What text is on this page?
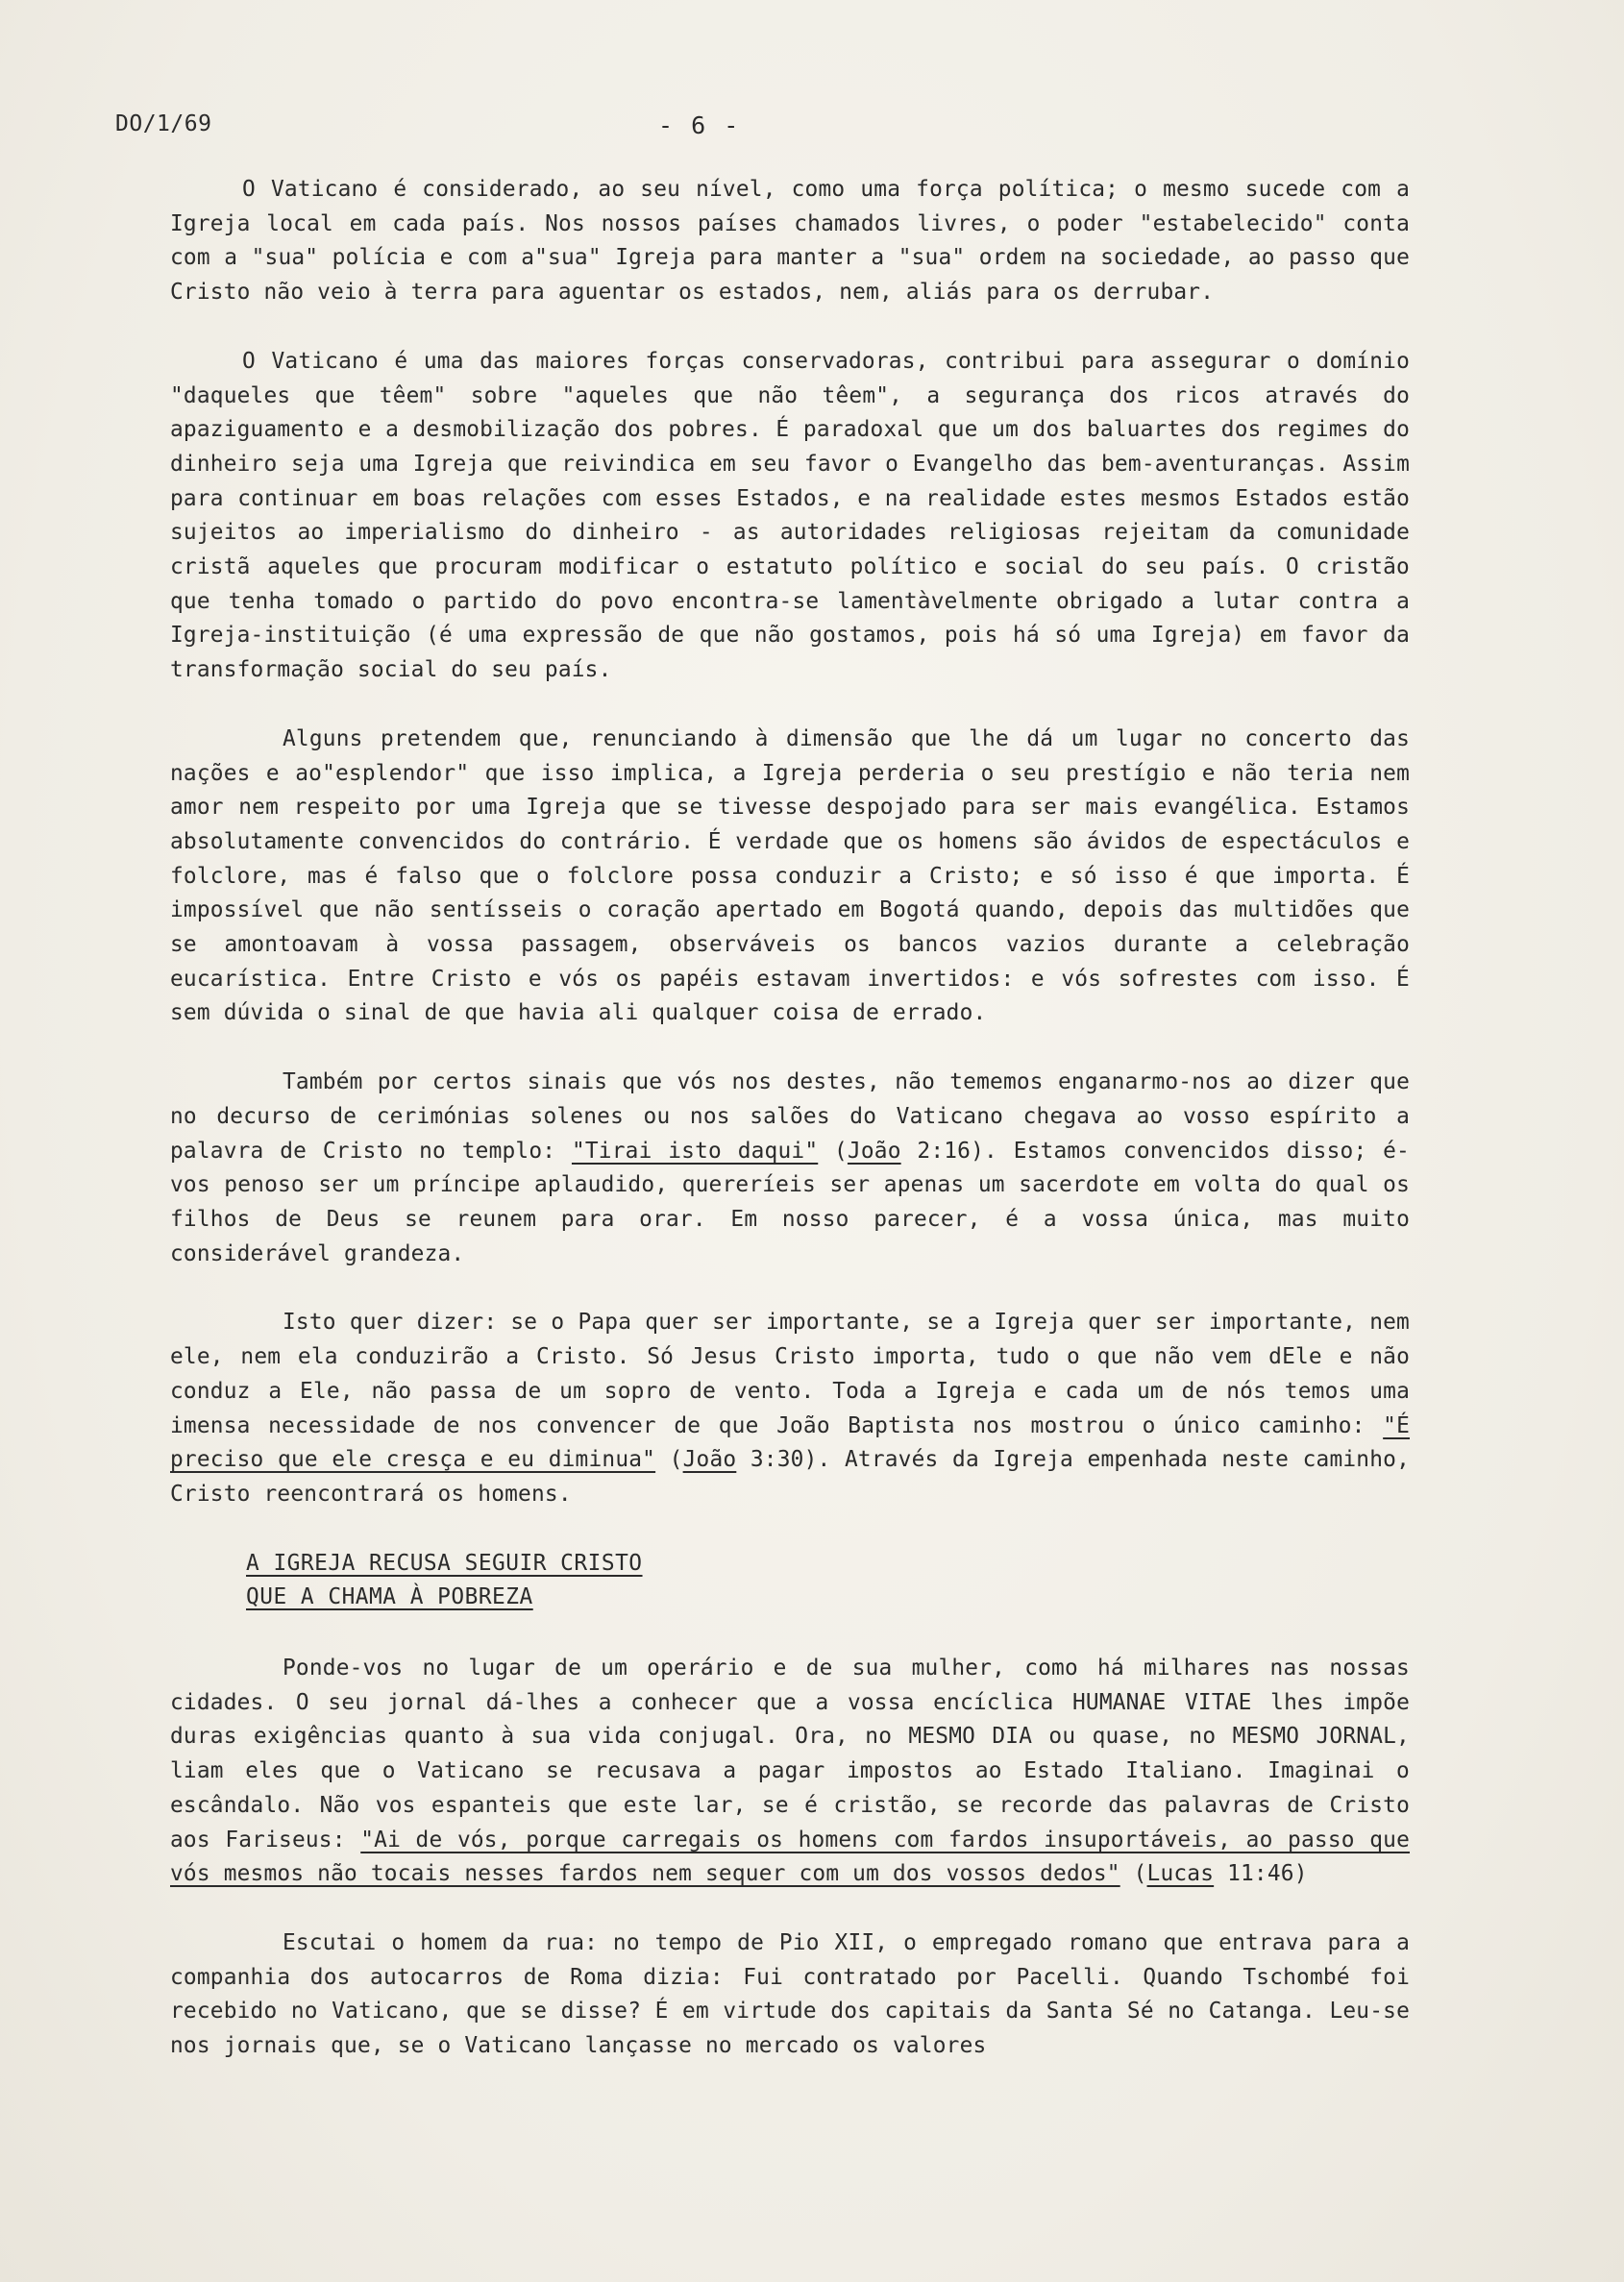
DO/1/69	- 6 -

O Vaticano é considerado, ao seu nível, como uma força política; o mesmo sucede com a Igreja local em cada país. Nos nossos países chamados livres, o poder "estabelecido" conta com a "sua" polícia e com a"sua" Igreja para manter a "sua" ordem na sociedade, ao passo que Cristo não veio à terra para aguentar os estados, nem, aliás para os derrubar.

O Vaticano é uma das maiores forças conservadoras, contribui para assegurar o domínio "daqueles que têem" sobre "aqueles que não têem", a segurança dos ricos através do apaziguamento e a desmobilização dos pobres. É paradoxal que um dos baluartes dos regimes do dinheiro seja uma Igreja que reivindica em seu favor o Evangelho das bem-aventuranças. Assim para continuar em boas relações com esses Estados, e na realidade estes mesmos Estados estão sujeitos ao imperialismo do dinheiro - as autoridades religiosas rejeitam da comunidade cristã aqueles que procuram modificar o estatuto político e social do seu país. O cristão que tenha tomado o partido do povo encontra-se lamentàvelmente obrigado a lutar contra a Igreja-instituição (é uma expressão de que não gostamos, pois há só uma Igreja) em favor da transformação social do seu país.

Alguns pretendem que, renunciando à dimensão que lhe dá um lugar no concerto das nações e ao"esplendor" que isso implica, a Igreja perderia o seu prestígio e não teria nem amor nem respeito por uma Igreja que se tivesse despojado para ser mais evangélica. Estamos absolutamente convencidos do contrário. É verdade que os homens são ávidos de espectáculos e folclore, mas é falso que o folclore possa conduzir a Cristo; e só isso é que importa. É impossível que não sentísseis o coração apertado em Bogotá quando, depois das multidões que se amontoavam à vossa passagem, observáveis os bancos vazios durante a celebração eucarística. Entre Cristo e vós os papéis estavam invertidos: e vós sofrestes com isso. É sem dúvida o sinal de que havia ali qualquer coisa de errado.

Também por certos sinais que vós nos destes, não tememos enganarmo-nos ao dizer que no decurso de cerimónias solenes ou nos salões do Vaticano chegava ao vosso espírito a palavra de Cristo no templo: "Tirai isto daqui" (João 2:16). Estamos convencidos disso; é-vos penoso ser um príncipe aplaudido, quereríeis ser apenas um sacerdote em volta do qual os filhos de Deus se reunem para orar. Em nosso parecer, é a vossa única, mas muito considerável grandeza.

Isto quer dizer: se o Papa quer ser importante, se a Igreja quer ser importante, nem ele, nem ela conduzirão a Cristo. Só Jesus Cristo importa, tudo o que não vem dEle e não conduz a Ele, não passa de um sopro de vento. Toda a Igreja e cada um de nós temos uma imensa necessidade de nos convencer de que João Baptista nos mostrou o único caminho: "É preciso que ele cresça e eu diminua" (João 3:30). Através da Igreja empenhada neste caminho, Cristo reencontrará os homens.

A IGREJA RECUSA SEGUIR CRISTO
QUE A CHAMA À POBREZA

Ponde-vos no lugar de um operário e de sua mulher, como há milhares nas nossas cidades. O seu jornal dá-lhes a conhecer que a vossa encíclica HUMANAE VITAE lhes impõe duras exigências quanto à sua vida conjugal. Ora, no MESMO DIA ou quase, no MESMO JORNAL, liam eles que o Vaticano se recusava a pagar impostos ao Estado Italiano. Imaginai o escândalo. Não vos espanteis que este lar, se é cristão, se recorde das palavras de Cristo aos Fariseus: "Ai de vós, porque carregais os homens com fardos insuportáveis, ao passo que vós mesmos não tocais nesses fardos nem sequer com um dos vossos dedos" (Lucas 11:46)

Escutai o homem da rua: no tempo de Pio XII, o empregado romano que entrava para a companhia dos autocarros de Roma dizia: Fui contratado por Pacelli. Quando Tschombé foi recebido no Vaticano, que se disse? É em virtude dos capitais da Santa Sé no Catanga. Leu-se nos jornais que, se o Vaticano lançasse no mercado os valores
